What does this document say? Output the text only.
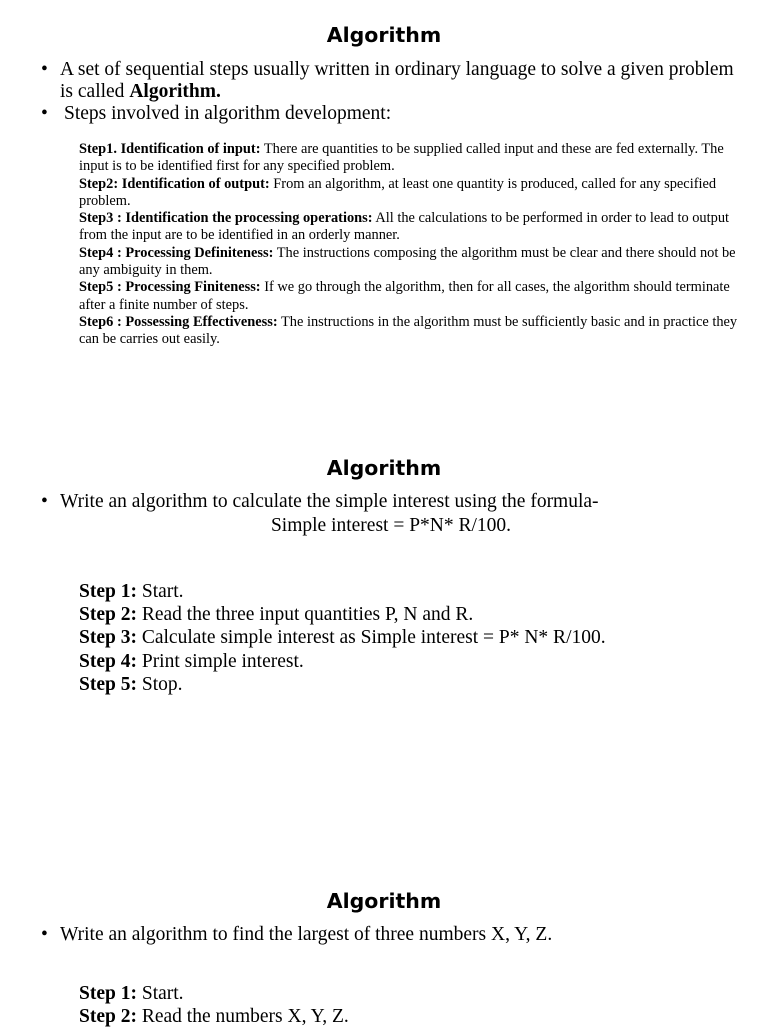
Algorithm
• A set of sequential steps usually written in ordinary language to solve a given problem is called Algorithm.
• Steps involved in algorithm development:

Step1. Identification of input: There are quantities to be supplied called input and these are fed externally. The input is to be identified first for any specified problem.

Step2: Identification of output: From an algorithm, at least one quantity is produced, called for any specified problem.

Step3 : Identification the processing operations: All the calculations to be performed in order to lead to output from the input are to be identified in an orderly manner.

Step4 : Processing Definiteness: The instructions composing the algorithm must be clear and there should not be any ambiguity in them.

Step5 : Processing Finiteness: If we go through the algorithm, then for all cases, the algorithm should terminate after a finite number of steps.

Step6 : Possessing Effectiveness: The instructions in the algorithm must be sufficiently basic and in practice they can be carries out easily.

Algorithm
• Write an algorithm to calculate the simple interest using the formula-
Simple interest = P*N* R/100.

Step 1: Start.

Step 2: Read the three input quantities P, N and R.

Step 3: Calculate simple interest as Simple interest = P* N* R/100.

Step 4: Print simple interest.

Step 5: Stop.

Algorithm
• Write an algorithm to find the largest of three numbers X, Y, Z.

Step 1: Start.

Step 2: Read the numbers X, Y, Z.
